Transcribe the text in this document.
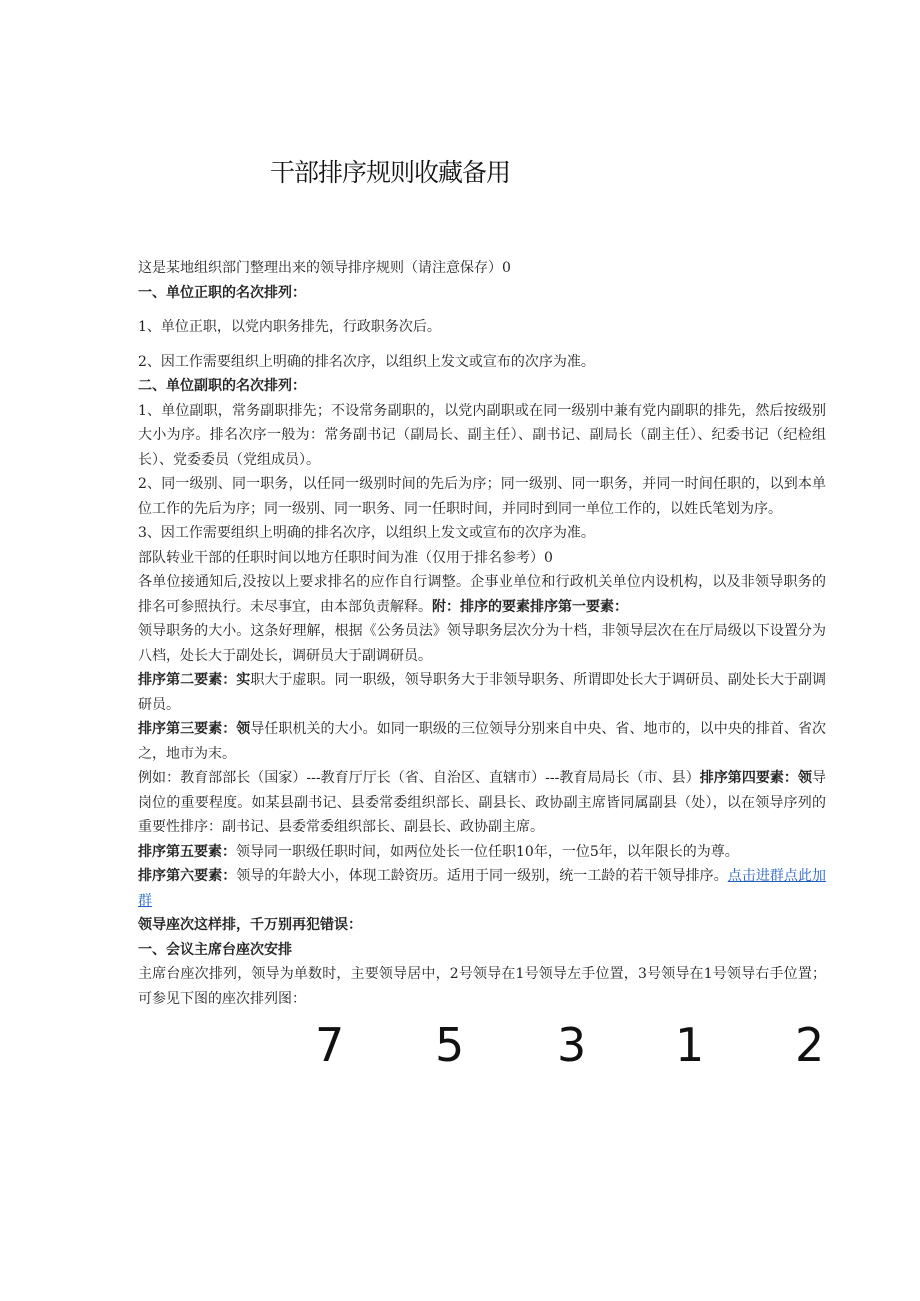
干部排序规则收藏备用

这是某地组织部门整理出来的领导排序规则（请注意保存）0

一、单位正职的名次排列：

1、单位正职，以党内职务排先，行政职务次后。

2、因工作需要组织上明确的排名次序，以组织上发文或宣布的次序为准。

二、单位副职的名次排列：

1、单位副职，常务副职排先；不设常务副职的，以党内副职或在同一级别中兼有党内副职的排先，然后按级别大小为序。排名次序一般为：常务副书记（副局长、副主任）、副书记、副局长（副主任）、纪委书记（纪检组长）、党委委员（党组成员）。

2、同一级别、同一职务，以任同一级别时间的先后为序；同一级别、同一职务，并同一时间任职的，以到本单位工作的先后为序；同一级别、同一职务、同一任职时间，并同时到同一单位工作的，以姓氏笔划为序。

3、因工作需要组织上明确的排名次序，以组织上发文或宣布的次序为准。

部队转业干部的任职时间以地方任职时间为准（仅用于排名参考）0

各单位接通知后,没按以上要求排名的应作自行调整。企事业单位和行政机关单位内设机构，以及非领导职务的排名可参照执行。未尽事宜，由本部负责解释。附：排序的要素排序第一要素：

领导职务的大小。这条好理解，根据《公务员法》领导职务层次分为十档，非领导层次在在厅局级以下设置分为八档，处长大于副处长，调研员大于副调研员。

排序第二要素：实职大于虚职。同一职级，领导职务大于非领导职务、所谓即处长大于调研员、副处长大于副调研员。

排序第三要素：领导任职机关的大小。如同一职级的三位领导分别来自中央、省、地市的，以中央的排首、省次之，地市为末。

例如：教育部部长（国家）---教育厅厅长（省、自治区、直辖市）---教育局局长（市、县）排序第四要素：领导岗位的重要程度。如某县副书记、县委常委组织部长、副县长、政协副主席皆同属副县（处），以在领导序列的重要性排序：副书记、县委常委组织部长、副县长、政协副主席。

排序第五要素：领导同一职级任职时间，如两位处长一位任职10年，一位5年，以年限长的为尊。

排序第六要素：领导的年龄大小，体现工龄资历。适用于同一级别，统一工龄的若干领导排序。点击进群点此加群

领导座次这样排，千万别再犯错误：

一、会议主席台座次安排

主席台座次排列，领导为单数时，主要领导居中，2号领导在1号领导左手位置，3号领导在1号领导右手位置；可参见下图的座次排列图：

7 5 3 1 2
